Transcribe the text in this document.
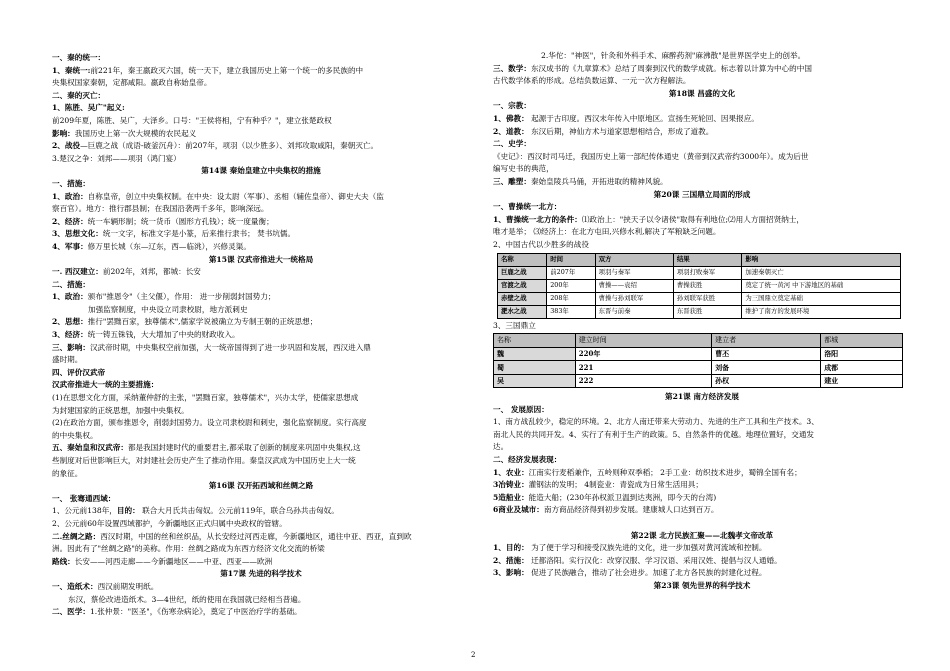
一、秦的统一：
1、秦统一:前221年，秦王嬴政灭六国，统一天下，建立我国历史上第一个统一的多民族的中
央集权国家秦朝，定都咸阳。嬴政自称始皇帝。
二、秦的灭亡：
1、陈胜、吴广"起义:
前209年夏，陈胜、吴广，大泽乡。口号："王侯将相，宁有种乎？"，建立张楚政权
影响：我国历史上第一次大规模的农民起义
2、战役—巨鹿之战（成语-破釜沉舟）：前207年，项羽（以少胜多）、刘邦攻取咸阳，秦朝灭亡。
3.楚汉之争：刘邦——项羽（鸿门宴）
第14课 秦始皇建立中央集权的措施
一、措施：
1、政治：自称皇帝，创立中央集权制。在中央：设太尉（军事）、丞相（辅佐皇帝）、御史大夫（监
察百官）。地方：推行郡县制；在我国沿袭两千多年，影响深远。
2、经济：统一车辆形制；统一货币（圆形方孔钱）；统一度量衡；
3、思想文化：统一文字，标准文字是小篆，后来推行隶书； 焚书坑儒。
4、军事：修万里长城（东—辽东，西—临洮），兴修灵渠。
第15课 汉武帝推进大一统格局
一. 西汉建立：前202年，刘邦，都城：长安
二、措施：
1、政治：颁布"推恩令"（主父偃），作用： 进一步削弱封国势力；
加强监察制度，中央设立司隶校尉，地方派刺史
2、思想：推行"罢黜百家，独尊儒术",儒家学说被确立为专制王朝的正统思想；
3、经济：统一铸五铢钱，大大增加了中央的财政收入。
三、影响：汉武帝时期，中央集权空前加强，大一统帝国得到了进一步巩固和发展，西汉进入鼎
盛时期。
四、评价汉武帝
汉武帝推进大一统的主要措施：
(1)在思想文化方面，采纳董仲舒的主张，"罢黜百家，独尊儒术"，兴办太学，使儒家思想成
为封建国家的正统思想，加强中央集权。
(2)在政治方面，颁布推恩令，削弱封国势力。设立司隶校尉和刺史，强化监察制度。实行高度
的中央集权。
五、秦始皇和汉武帝：都是我国封建时代的重要君主,都采取了创新的制度来巩固中央集权,这
些制度对后世影响巨大，对封建社会历史产生了推动作用。秦皇汉武成为中国历史上大一统
的象征。
第16课 汉开拓西域和丝绸之路
一、 张骞通西域：
1、公元前138年，目的： 联合大月氏共击匈奴。公元前119年，联合乌孙共击匈奴。
2、公元前60年设置西域都护，今新疆地区正式归属中央政权的管辖。
二.丝绸之路：西汉时期，中国的丝和丝织品，从长安经过河西走廊，今新疆地区，通往中亚、西亚，直到欧
洲。因此有了"丝绸之路"的美称。作用：丝绸之路成为东西方经济文化交流的桥梁
路线：长安——河西走廊——今新疆地区——中亚、西亚——欧洲
第17课 先进的科学技术
一、造纸术：西汉前期发明纸。
东汉，蔡伦改进造纸术。3—4世纪，纸的使用在我国就已经相当普遍。
二、医学：1.张仲景："医圣"，《伤寒杂病论》，奠定了中医治疗学的基础。
2.华佗："神医"，针灸和外科手术、麻醉药剂"麻沸散"是世界医学史上的创举。
三、数学：东汉成书的《九章算术》总结了周秦到汉代的数学成就。标志着以计算为中心的中国
古代数学体系的形成。总结负数运算、一元一次方程解法。
第18课 昌盛的文化
一、宗教：
1、佛教： 起源于古印度。西汉末年传入中原地区。宣扬生死轮回、因果报应。
2、道教： 东汉后期，神仙方术与道家思想相结合，形成了道教。
二、史学：
《史记》：西汉时司马迁，我国历史上第一部纪传体通史（黄帝到汉武帝约3000年）。成为后世
编写史书的典范，
三、雕塑：秦始皇陵兵马俑，开拓进取的精神风貌。
第20课 三国鼎立局面的形成
一、曹操统一北方：
1、曹操统一北方的条件：⑴政治上："挟天子以令诸侯"取得有利地位;⑵用人方面招贤纳士，
唯才是举； ⑶经济上：在北方屯田,兴修水利,解决了军粮缺乏问题。
2、中国古代以少胜多的战役
名称	时间	双方	结果	影响
巨鹿之战	前207年	项羽与秦军	项羽打败秦军	加速秦朝灭亡
官渡之战	200年	曹操——袁绍	曹操获胜	奠定了统一黄河 中下游地区的基础
赤壁之战	208年	曹操与孙刘联军	孙刘联军获胜	为三国鼎立奠定基础
淝水之战	383年	东晋与前秦	东晋获胜	维护了南方的发展环境
3、三国鼎立
名称	建立时间	建立者	都城
魏	220年	曹丕	洛阳
蜀	221	刘备	成都
吴	222	孙权	建业
第21课 南方经济发展
一、 发展原因：
1、南方战乱较少，稳定的环境。2、北方人南迁带来大劳动力、先进的生产工具和生产技术。3、
南北人民的共同开发。4、实行了有利于生产的政策。5、自然条件的优越。地理位置好，交通发
达。
二、经济发展表现：
1、农业：江南实行麦稻兼作，五岭则种双季稻； 2手工业：纺织技术进步，蜀锦全国有名；
3冶铸业：灌钢法的发明； 4制瓷业：青瓷成为日常生活用具；
5造船业：能造大船；(230年孙权派卫温到达夷洲，即今天的台湾)
6商业及城市：南方商品经济得到初步发展。建康城人口达到百万。

第22课 北方民族汇聚——北魏孝文帝改革
1、目的： 为了便于学习和接受汉族先进的文化，进一步加强对黄河流域和控制。
2、措施： 迁都洛阳。实行汉化：改穿汉服、学习汉语、采用汉姓、提倡与汉人通婚。
3、影响： 促进了民族融合，推动了社会进步。加速了北方各民族的封建化过程。
第23课 领先世界的科学技术
2
